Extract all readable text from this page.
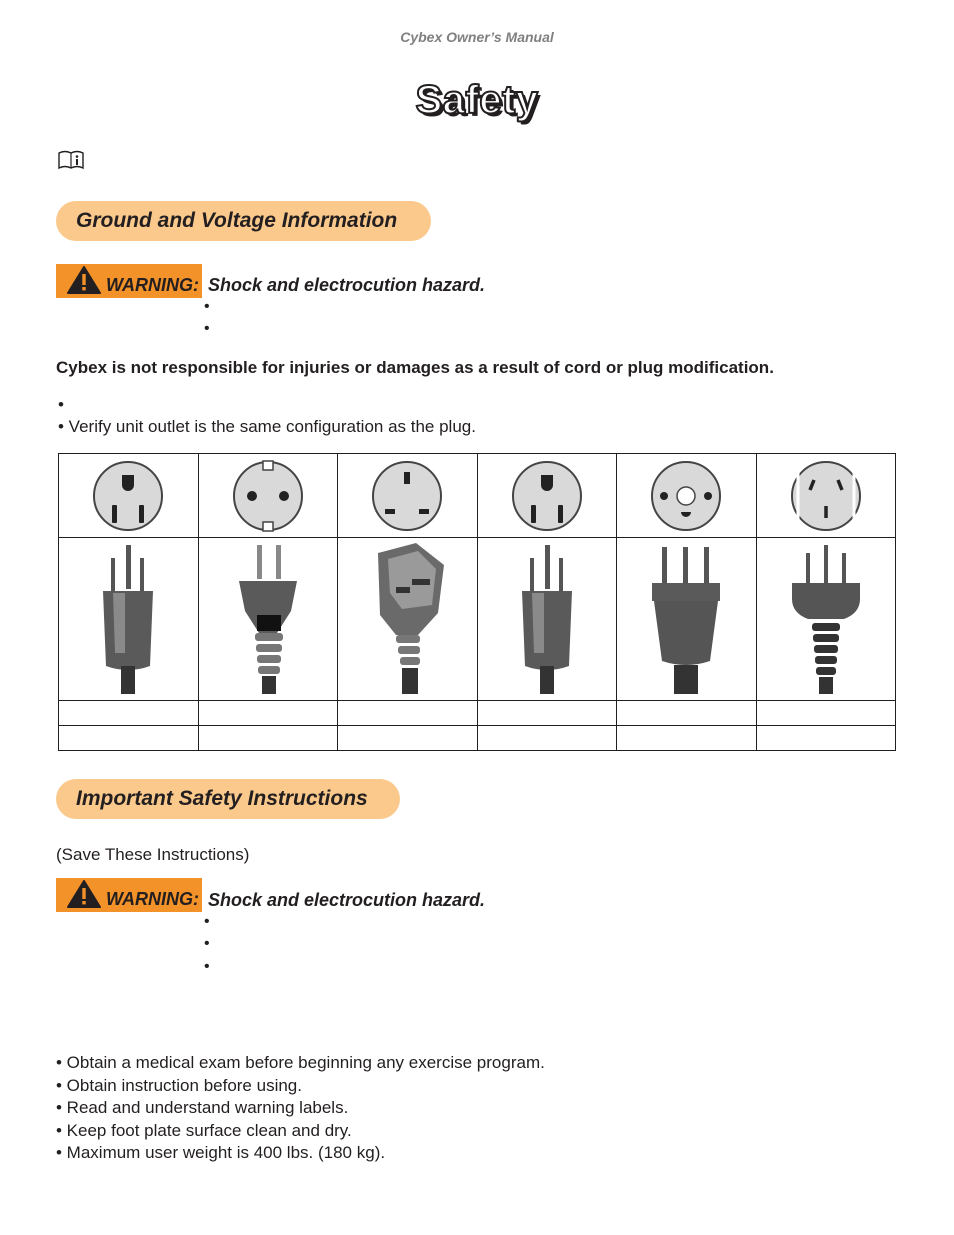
Cybex Owner’s Manual
Safety
Ground and Voltage Information
WARNING: Shock and electrocution hazard.
•
•
Cybex is not responsible for injuries or damages as a result of cord or plug modification.
•
• Verify unit outlet is the same configuration as the plug.

Important Safety Instructions
(Save These Instructions)
WARNING: Shock and electrocution hazard.
•
•
•
• Obtain a medical exam before beginning any exercise program.
• Obtain instruction before using.
• Read and understand warning labels.
• Keep foot plate surface clean and dry.
• Maximum user weight is 400 lbs. (180 kg).
